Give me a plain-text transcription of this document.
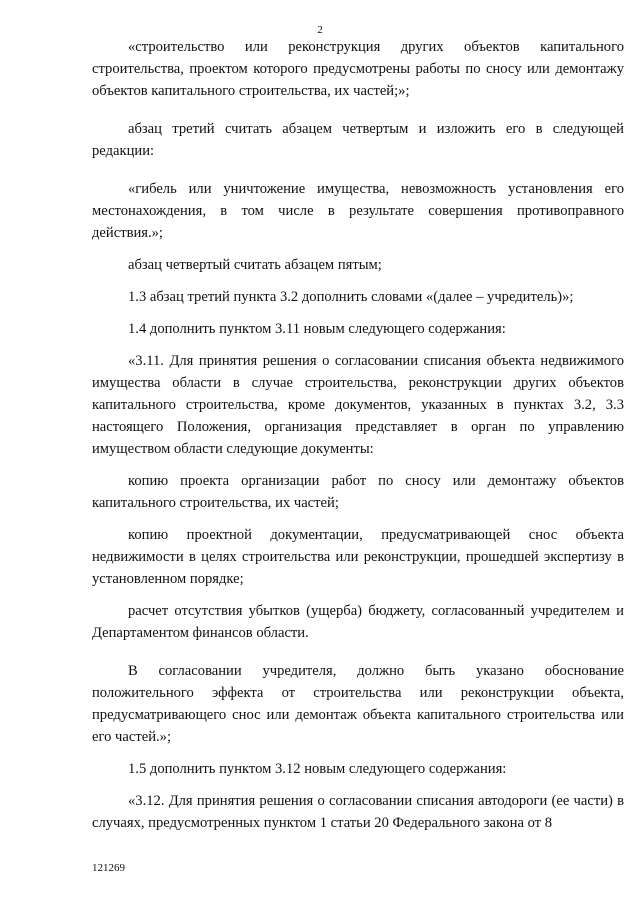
2

«строительство или реконструкция других объектов капитального строительства, проектом которого предусмотрены работы по сносу или демонтажу объектов капитального строительства, их частей;»;

абзац третий считать абзацем четвертым и изложить его в следующей редакции:

«гибель или уничтожение имущества, невозможность установления его местонахождения, в том числе в результате совершения противоправного действия.»;

абзац четвертый считать абзацем пятым;

1.3 абзац третий пункта 3.2 дополнить словами «(далее – учредитель)»;

1.4 дополнить пунктом 3.11 новым следующего содержания:

«3.11. Для принятия решения о согласовании списания объекта недвижимого имущества области в случае строительства, реконструкции других объектов капитального строительства, кроме документов, указанных в пунктах 3.2, 3.3 настоящего Положения, организация представляет в орган по управлению имуществом области следующие документы:

копию проекта организации работ по сносу или демонтажу объектов капитального строительства, их частей;

копию проектной документации, предусматривающей снос объекта недвижимости в целях строительства или реконструкции, прошедшей экспертизу в установленном порядке;

расчет отсутствия убытков (ущерба) бюджету, согласованный учредителем и Департаментом финансов области.

В согласовании учредителя, должно быть указано обоснование положительного эффекта от строительства или реконструкции объекта, предусматривающего снос или демонтаж объекта капитального строительства или его частей.»;

1.5 дополнить пунктом 3.12 новым следующего содержания:

«3.12. Для принятия решения о согласовании списания автодороги (ее части) в случаях, предусмотренных пунктом 1 статьи 20 Федерального закона от 8

121269
